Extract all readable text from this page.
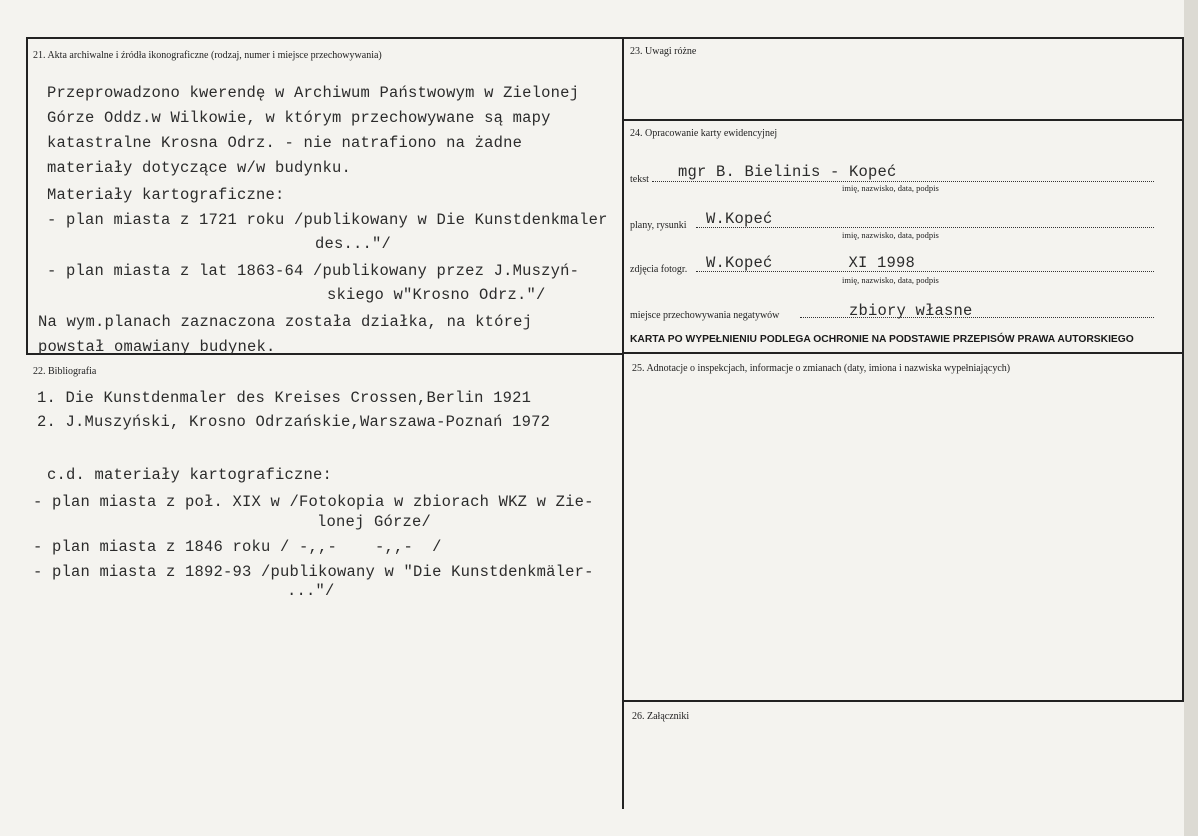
21. Akta archiwalne i źródła ikonograficzne (rodzaj, numer i miejsce przechowywania)
Przeprowadzono kwerendę w Archiwum Państwowym w Zielonej
Górze Oddz.w Wilkowie, w którym przechowywane są mapy
katastralne Krosna Odrz. - nie natrafiono na żadne
materiały dotyczące w/w budynku.
Materiały kartograficzne:
- plan miasta z 1721 roku /publikowany w Die Kunstdenkmaler
des..."/
- plan miasta z lat 1863-64 /publikowany przez J.Muszyń-
skiego w"Krosno Odrz."/
Na wym.planach zaznaczona została działka, na której
powstał omawiany budynek.
22. Bibliografia
1. Die Kunstdenmaler des Kreises Crossen,Berlin 1921
2. J.Muszyński, Krosno Odrzańskie,Warszawa-Poznań 1972
c.d. materiały kartograficzne:
- plan miasta z poł. XIX w /Fotokopia w zbiorach WKZ w Zie-
lonej Górze/
- plan miasta z 1846 roku / -,,-    -,,-  /
- plan miasta z 1892-93 /publikowany w "Die Kunstdenkmäler-
..."/
23. Uwagi różne
24. Opracowanie karty ewidencyjnej
tekst mgr B. Bielinis - Kopeć
imię, nazwisko, data, podpis
plany, rysunki W.Kopeć
imię, nazwisko, data, podpis
zdjęcia fotogr. W.Kopeć        XI 1998
imię, nazwisko, data, podpis
miejsce przechowywania negatywów	zbiory własne
KARTA PO WYPEŁNIENIU PODLEGA OCHRONIE NA PODSTAWIE PRZEPISÓW PRAWA AUTORSKIEGO
25. Adnotacje o inspekcjach, informacje o zmianach (daty, imiona i nazwiska wypełniających)
26. Załączniki
